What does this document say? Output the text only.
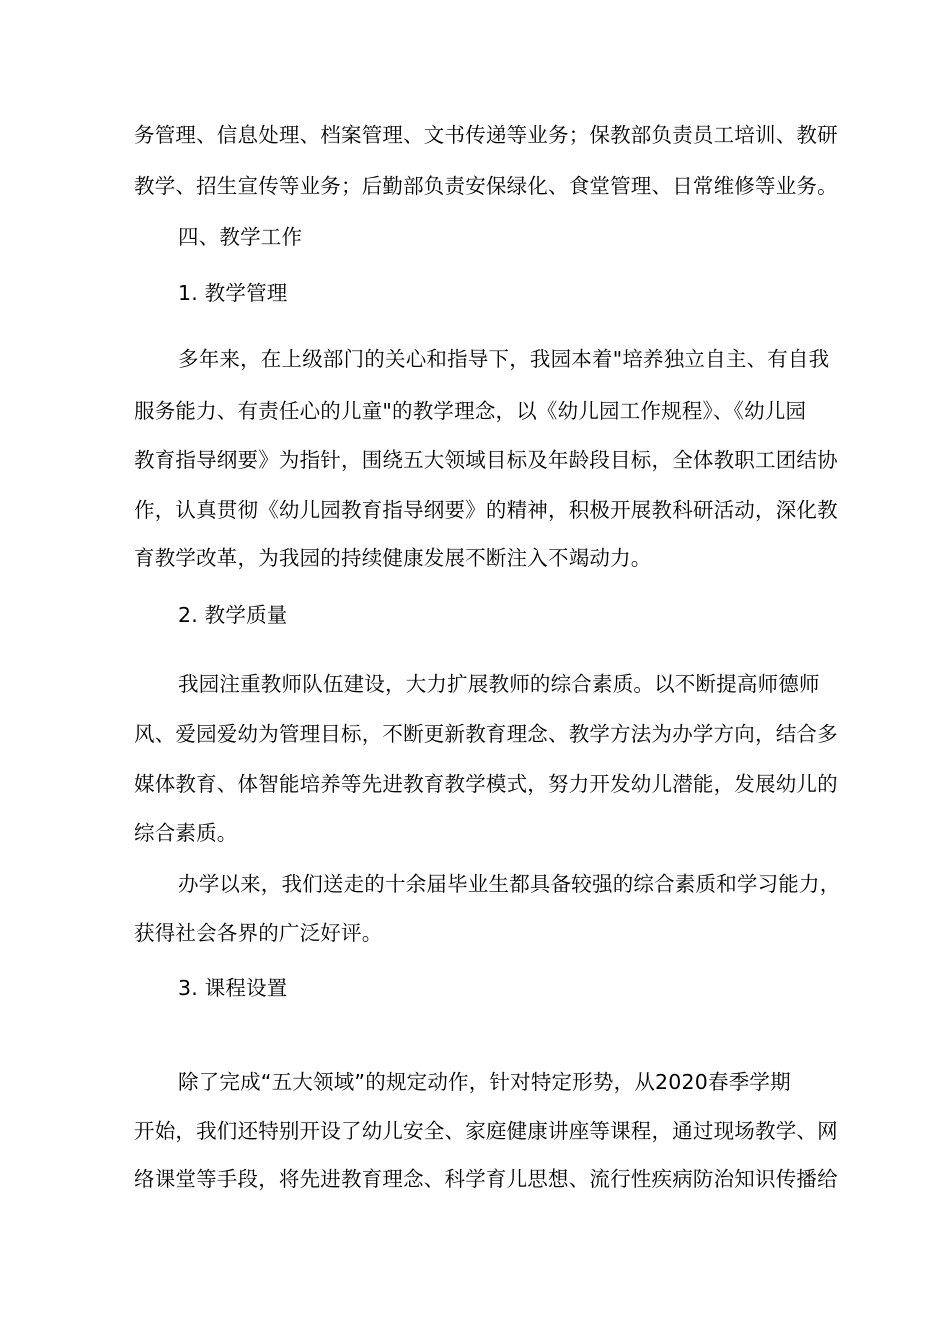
务管理、信息处理、档案管理、文书传递等业务；保教部负责员工培训、教研
教学、招生宣传等业务；后勤部负责安保绿化、食堂管理、日常维修等业务。
四、教学工作
1. 教学管理
多年来，在上级部门的关心和指导下，我园本着"培养独立自主、有自我
服务能力、有责任心的儿童"的教学理念，以《幼儿园工作规程》、《幼儿园
教育指导纲要》为指针，围绕五大领域目标及年龄段目标，全体教职工团结协
作，认真贯彻《幼儿园教育指导纲要》的精神，积极开展教科研活动，深化教
育教学改革，为我园的持续健康发展不断注入不竭动力。
2. 教学质量
我园注重教师队伍建设，大力扩展教师的综合素质。以不断提高师德师
风、爱园爱幼为管理目标，不断更新教育理念、教学方法为办学方向，结合多
媒体教育、体智能培养等先进教育教学模式，努力开发幼儿潜能，发展幼儿的
综合素质。
办学以来，我们送走的十余届毕业生都具备较强的综合素质和学习能力，
获得社会各界的广泛好评。
3. 课程设置
除了完成“五大领域”的规定动作，针对特定形势，从2020春季学期
开始，我们还特别开设了幼儿安全、家庭健康讲座等课程，通过现场教学、网
络课堂等手段，将先进教育理念、科学育儿思想、流行性疾病防治知识传播给
